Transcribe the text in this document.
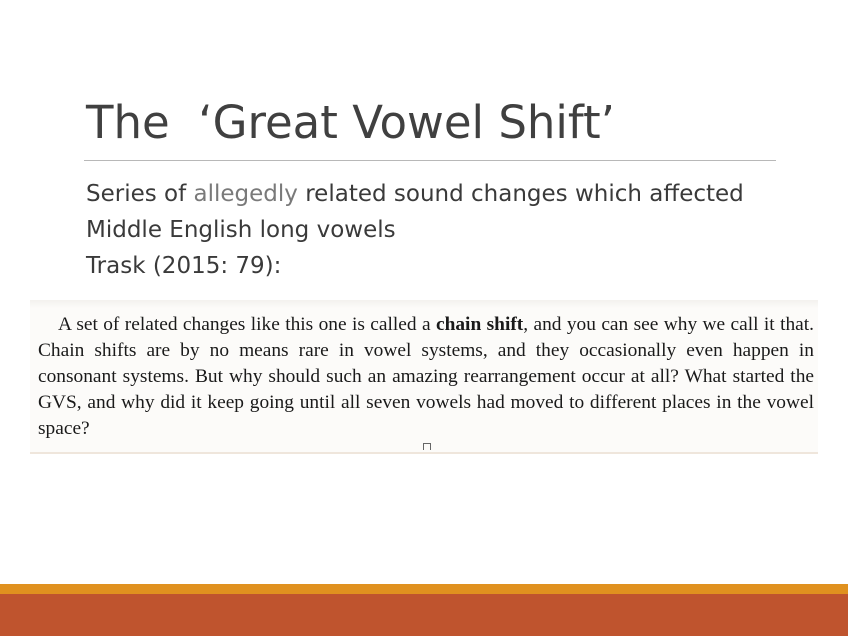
The  ‘Great Vowel Shift’
Series of allegedly related sound changes which affected
Middle English long vowels
Trask (2015: 79):
A set of related changes like this one is called a chain shift, and you can see why we call it that. Chain shifts are by no means rare in vowel systems, and they occasionally even happen in consonant systems. But why should such an amazing rearrangement occur at all? What started the GVS, and why did it keep going until all seven vowels had moved to different places in the vowel space?
